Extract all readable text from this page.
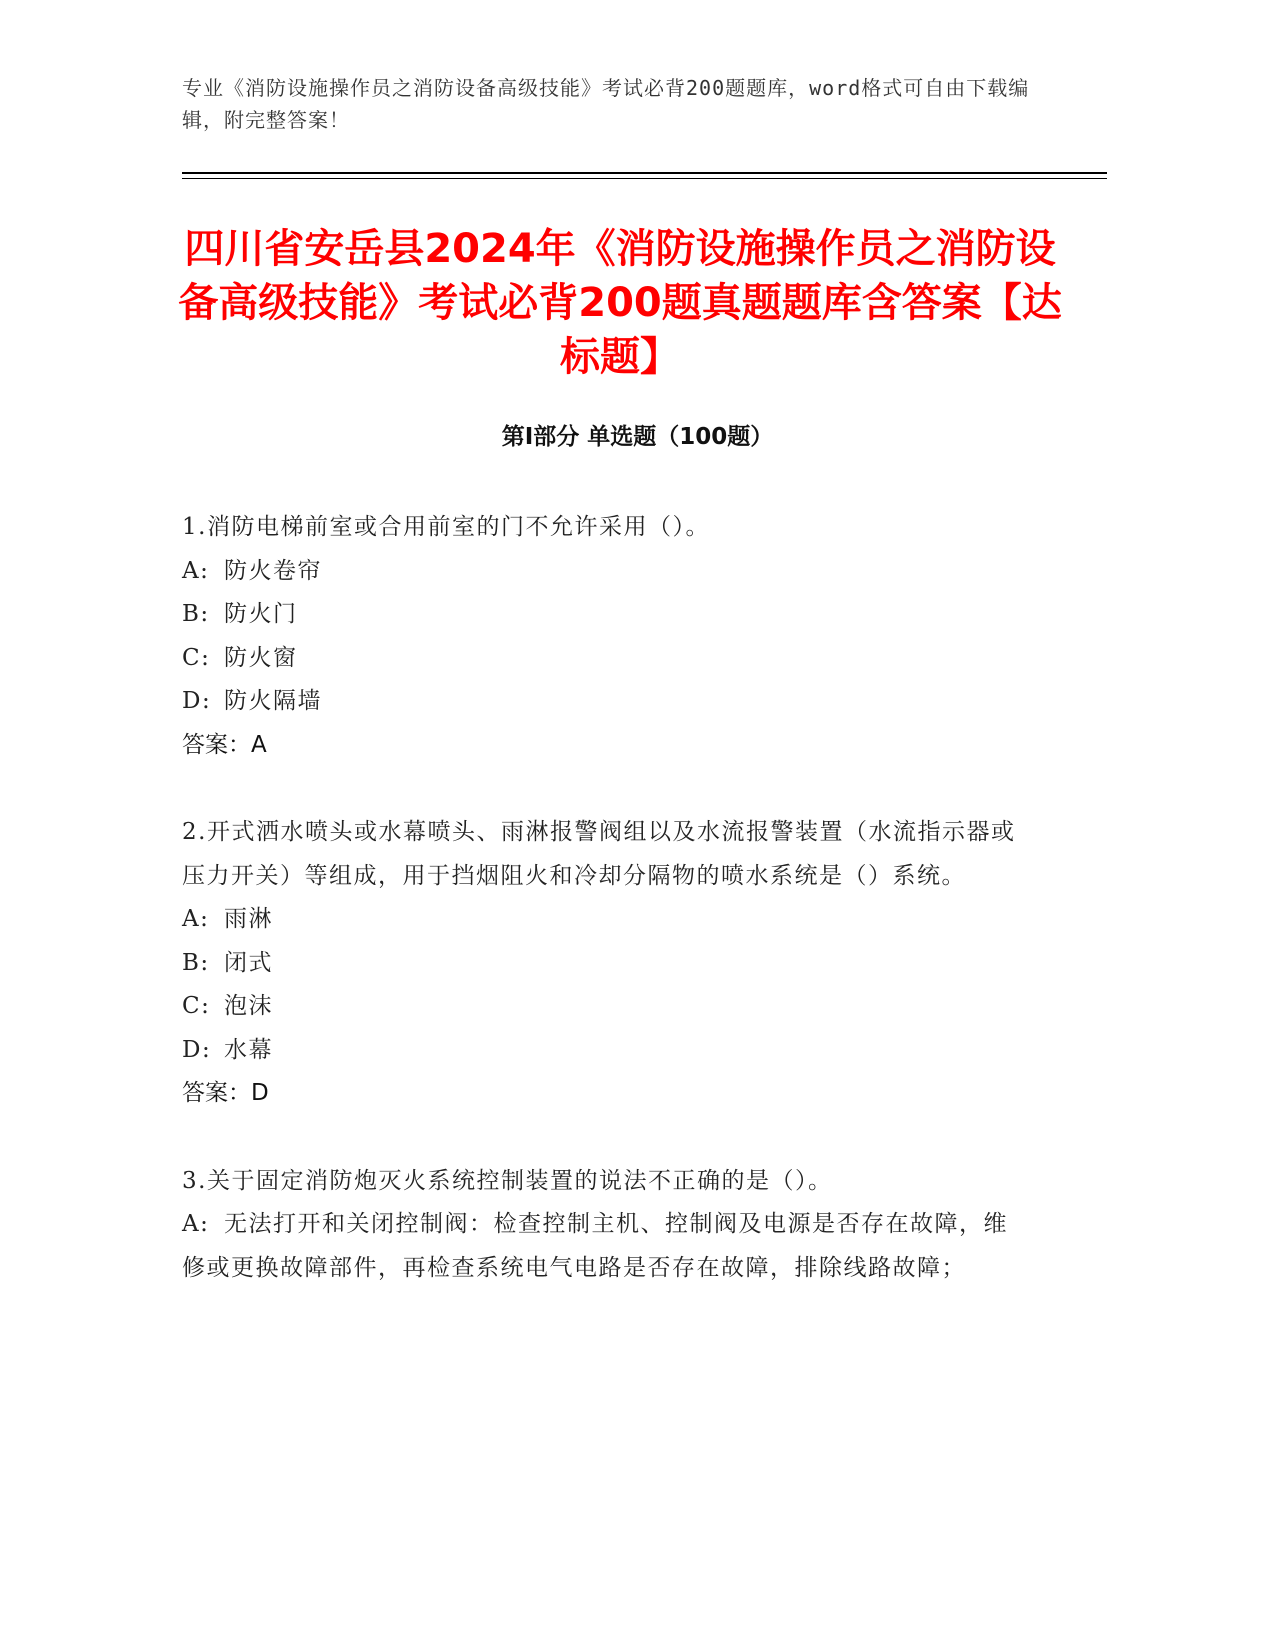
专业《消防设施操作员之消防设备高级技能》考试必背200题题库，word格式可自由下载编辑，附完整答案！
四川省安岳县2024年《消防设施操作员之消防设备高级技能》考试必背200题真题题库含答案【达标题】
第Ⅰ部分 单选题（100题）
1.消防电梯前室或合用前室的门不允许采用（）。
A: 防火卷帘
B: 防火门
C: 防火窗
D: 防火隔墙
答案：A
2.开式洒水喷头或水幕喷头、雨淋报警阀组以及水流报警装置（水流指示器或压力开关）等组成，用于挡烟阻火和冷却分隔物的喷水系统是（）系统。
A: 雨淋
B: 闭式
C: 泡沫
D: 水幕
答案：D
3.关于固定消防炮灭火系统控制装置的说法不正确的是（）。
A: 无法打开和关闭控制阀：检查控制主机、控制阀及电源是否存在故障，维修或更换故障部件，再检查系统电气电路是否存在故障，排除线路故障；
